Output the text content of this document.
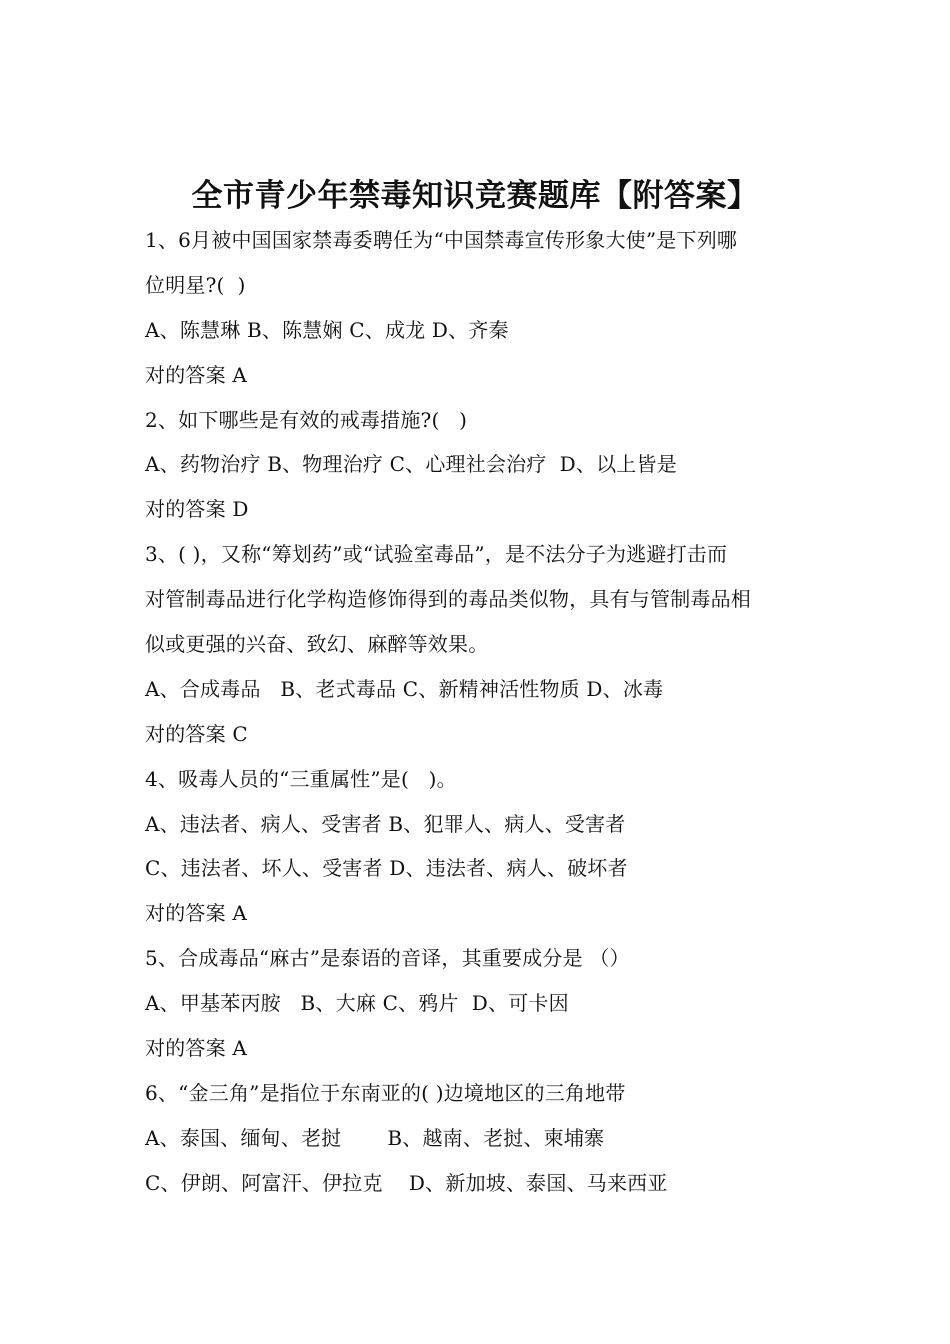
全市青少年禁毒知识竞赛题库【附答案】
1、6月被中国国家禁毒委聘任为“中国禁毒宣传形象大使”是下列哪
位明星?(  )
A、陈慧琳 B、陈慧娴 C、成龙 D、齐秦
对的答案 A
2、如下哪些是有效的戒毒措施?(   )
A、药物治疗 B、物理治疗 C、心理社会治疗  D、以上皆是
对的答案 D
3、( )，又称“筹划药”或“试验室毒品”，是不法分子为逃避打击而
对管制毒品进行化学构造修饰得到的毒品类似物，具有与管制毒品相
似或更强的兴奋、致幻、麻醉等效果。
A、合成毒品   B、老式毒品 C、新精神活性物质 D、冰毒
对的答案 C
4、吸毒人员的“三重属性”是(   )。
A、违法者、病人、受害者 B、犯罪人、病人、受害者
C、违法者、坏人、受害者 D、违法者、病人、破坏者
对的答案 A
5、合成毒品“麻古”是泰语的音译，其重要成分是 （）
A、甲基苯丙胺   B、大麻 C、鸦片  D、可卡因
对的答案 A
6、“金三角”是指位于东南亚的( )边境地区的三角地带
A、泰国、缅甸、老挝       B、越南、老挝、柬埔寨
C、伊朗、阿富汗、伊拉克    D、新加坡、泰国、马来西亚
